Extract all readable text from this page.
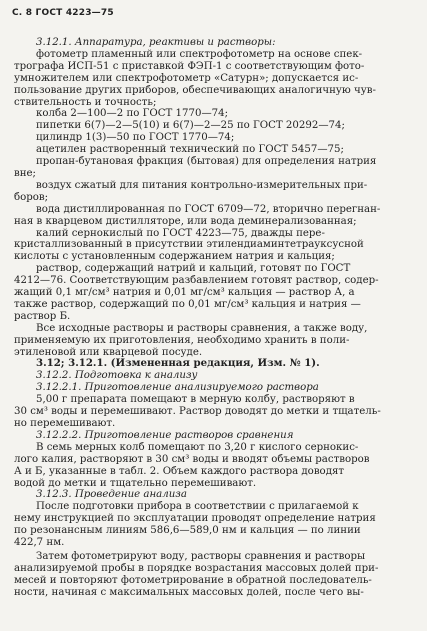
С. 8 ГОСТ 4223—75
3.12.1. Аппаратура, реактивы и растворы:
фотометр пламенный или спектрофотометр на основе спек-
трографа ИСП-51 с приставкой ФЭП-1 с соответствующим фото-
умножителем или спектрофотометр «Сатурн»; допускается ис-
пользование других приборов, обеспечивающих аналогичную чув-
ствительность и точность;
колба 2—100—2 по ГОСТ 1770—74;
пипетки 6(7)—2—5(10) и 6(7)—2—25 по ГОСТ 20292—74;
цилиндр 1(3)—50 по ГОСТ 1770—74;
ацетилен растворенный технический по ГОСТ 5457—75;
пропан-бутановая фракция (бытовая) для определения натрия
вне;
воздух сжатый для питания контрольно-измерительных при-
боров;
вода дистиллированная по ГОСТ 6709—72, вторично перегнан-
ная в кварцевом дистилляторе, или вода деминерализованная;
калий сернокислый по ГОСТ 4223—75, дважды пере-
кристаллизованный в присутствии этилендиаминтетрауксусной
кислоты с установленным содержанием натрия и кальция;
раствор, содержащий натрий и кальций, готовят по ГОСТ
4212—76. Соответствующим разбавлением готовят раствор, содер-
жащий 0,1 мг/см³ натрия и 0,01 мг/см³ кальция — раствор А, а
также раствор, содержащий по 0,01 мг/см³ кальция и натрия —
раствор Б.
Все исходные растворы и растворы сравнения, а также воду,
применяемую их приготовления, необходимо хранить в поли-
этиленовой или кварцевой посуде.
3.12; 3.12.1. (Измененная редакция, Изм. № 1).
3.12.2. Подготовка к анализу
3.12.2.1. Приготовление анализируемого раствора
5,00 г препарата помещают в мерную колбу, растворяют в
30 см³ воды и перемешивают. Раствор доводят до метки и тщатель-
но перемешивают.
3.12.2.2. Приготовление растворов сравнения
В семь мерных колб помещают по 3,20 г кислого сернокис-
лого калия, растворяют в 30 см³ воды и вводят объемы растворов
А и Б, указанные в табл. 2. Объем каждого раствора доводят
водой до метки и тщательно перемешивают.
3.12.3. Проведение анализа
После подготовки прибора в соответствии с прилагаемой к
нему инструкцией по эксплуатации проводят определение натрия
по резонансным линиям 586,6—589,0 нм и кальция — по линии
422,7 нм.
Затем фотометрируют воду, растворы сравнения и растворы
анализируемой пробы в порядке возрастания массовых долей при-
месей и повторяют фотометрирование в обратной последователь-
ности, начиная с максимальных массовых долей, после чего вы-
